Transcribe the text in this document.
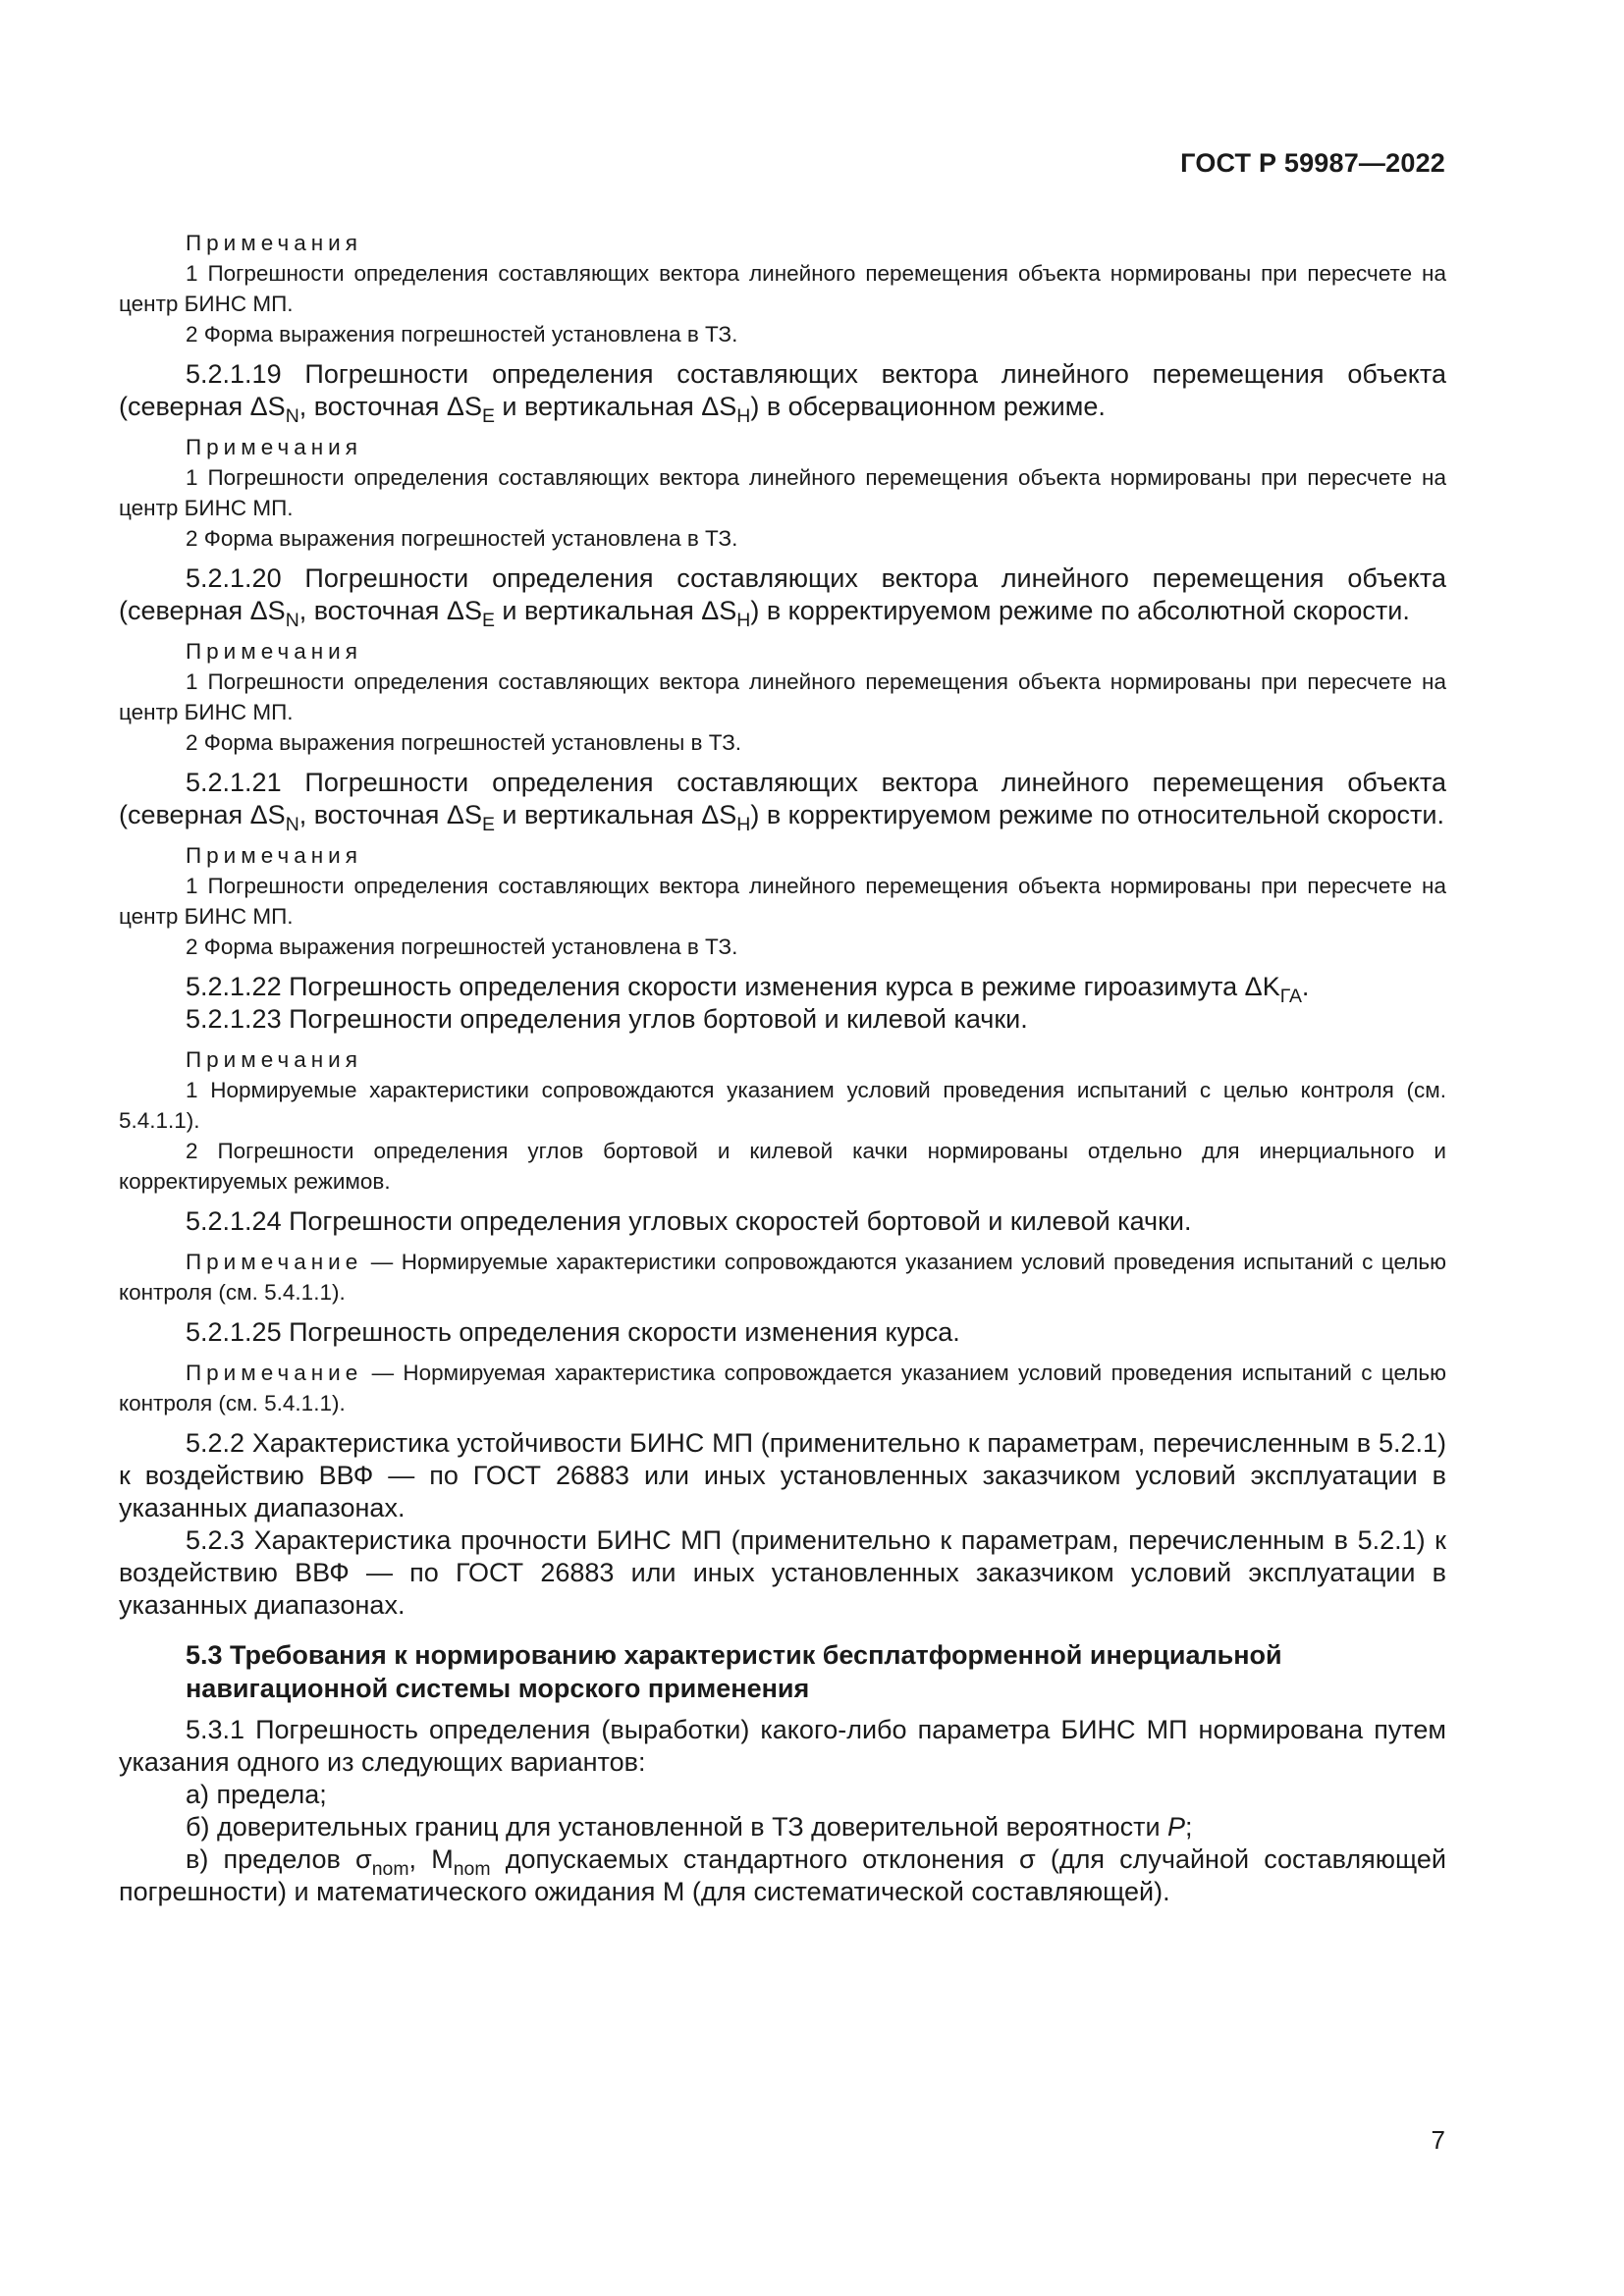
ГОСТ Р 59987—2022

Примечания

1 Погрешности определения составляющих вектора линейного перемещения объекта нормированы при пересчете на центр БИНС МП.

2 Форма выражения погрешностей установлена в ТЗ.

5.2.1.19 Погрешности определения составляющих вектора линейного перемещения объекта (северная $\Delta S_N$, восточная $\Delta S_E$ и вертикальная $\Delta S_H$) в обсервационном режиме.

Примечания

1 Погрешности определения составляющих вектора линейного перемещения объекта нормированы при пересчете на центр БИНС МП.

2 Форма выражения погрешностей установлена в ТЗ.

5.2.1.20 Погрешности определения составляющих вектора линейного перемещения объекта (северная $\Delta S_N$, восточная $\Delta S_E$ и вертикальная $\Delta S_H$) в корректируемом режиме по абсолютной скорости.

Примечания

1 Погрешности определения составляющих вектора линейного перемещения объекта нормированы при пересчете на центр БИНС МП.

2 Форма выражения погрешностей установлены в ТЗ.

5.2.1.21 Погрешности определения составляющих вектора линейного перемещения объекта (северная $\Delta S_N$, восточная $\Delta S_E$ и вертикальная $\Delta S_H$) в корректируемом режиме по относительной скорости.

Примечания

1 Погрешности определения составляющих вектора линейного перемещения объекта нормированы при пересчете на центр БИНС МП.

2 Форма выражения погрешностей установлена в ТЗ.

5.2.1.22 Погрешность определения скорости изменения курса в режиме гироазимута $\Delta K_{ГА}$.

5.2.1.23 Погрешности определения углов бортовой и килевой качки.

Примечания

1 Нормируемые характеристики сопровождаются указанием условий проведения испытаний с целью контроля (см. 5.4.1.1).

2 Погрешности определения углов бортовой и килевой качки нормированы отдельно для инерциального и корректируемых режимов.

5.2.1.24 Погрешности определения угловых скоростей бортовой и килевой качки.

Примечание — Нормируемые характеристики сопровождаются указанием условий проведения испытаний с целью контроля (см. 5.4.1.1).

5.2.1.25 Погрешность определения скорости изменения курса.

Примечание — Нормируемая характеристика сопровождается указанием условий проведения испытаний с целью контроля (см. 5.4.1.1).

5.2.2 Характеристика устойчивости БИНС МП (применительно к параметрам, перечисленным в 5.2.1) к воздействию ВВФ — по ГОСТ 26883 или иных установленных заказчиком условий эксплуатации в указанных диапазонах.

5.2.3 Характеристика прочности БИНС МП (применительно к параметрам, перечисленным в 5.2.1) к воздействию ВВФ — по ГОСТ 26883 или иных установленных заказчиком условий эксплуатации в указанных диапазонах.

5.3 Требования к нормированию характеристик бесплатформенной инерциальной навигационной системы морского применения

5.3.1 Погрешность определения (выработки) какого-либо параметра БИНС МП нормирована путем указания одного из следующих вариантов:

а) предела;

б) доверительных границ для установленной в ТЗ доверительной вероятности P;

в) пределов $\sigma_{nom}$, $M_{nom}$ допускаемых стандартного отклонения σ (для случайной составляющей погрешности) и математического ожидания М (для систематической составляющей).

7
